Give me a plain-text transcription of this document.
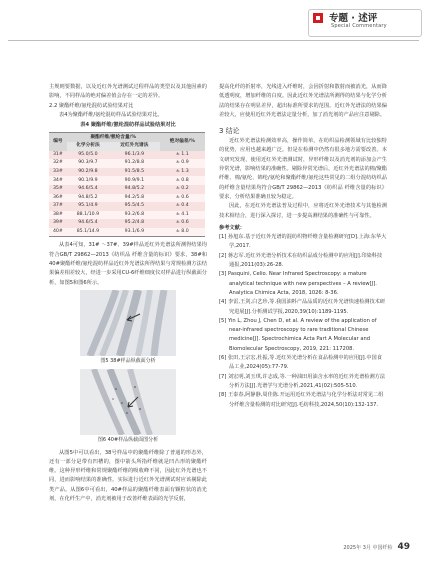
专题 · 述评
Special Commentary

主规则要数据，以及近红外光谱测试过程样品的类型以及其他因素的影响，不同样品的绝对偏差值会存在一定的差异。

2.2 聚酯纤维/氨纶混纺试验结果对比

表4为聚酯纤维/氨纶混纺样品试验结果对比。

表4 聚酯纤维/氨纶混纺样品试验结果对比
编号	聚酯纤维/氨纶含量/%		绝对偏差/%
	化学分析法	近红外光谱法	
31#	95.0/5.0	96.1/3.9	± 1.1
32#	90.3/9.7	91.2/8.8	± 0.9
33#	90.2/9.8	91.5/8.5	± 1.3
34#	90.1/9.9	90.9/9.1	± 0.8
35#	94.6/5.4	94.8/5.2	± 0.2
36#	94.8/5.2	94.2/5.8	± 0.6
37#	95.1/4.9	95.5/4.5	± 0.4
38#	88.1/10.9	93.2/6.8	± 4.1
39#	94.6/5.4	95.2/4.8	± 0.6
40#	85.1/14.9	93.1/6.9	± 8.0

从表4可知，31# ～37#、39#样品近红外光谱法所测得结果均符合GB/T 29862—2013《纺织品 纤维含量的标识》要求，38#和40#聚酯纤维/氨纶混纺样品近红外光谱法所得结果与常规检测方法结果偏差相差较大，经进一步采用CU-6纤维细度仪对样品进行纵截面分析，如图5和图6所示。

图5 38#样品纵截面分析
图6 40#样品纵截面图分析

从图5中可以看出，38号样品中的聚酯纤维除了普通的形态外，还有一部分是带有凹槽的，图中箭头所指纤维就是凹凸形的聚酯纤维。这种异形纤维和常规聚酯纤维的吸收峰不同，因此红外光谱也不同，进而影响结果的准确性。实际进行近红外光谱测试时应该剔除此类产品。从图6中可看出，40#样品的聚酯纤维表面有颗粒状的消光剂，在化纤生产中，消光剂被用于改善纤维表面的光学反射，

提高化纤的折射率，光线进入纤维时，会因折射和散射而被消光，从而降低透明度，增加纤维的白度。因此近红外光谱法所测得的结果与化学分析法的结果存在明显差异，超出标准所要求的范围。近红外光谱法的结果偏差较大，应使用近红外光谱法定量分析，加了消光剂的产品应注意剔除。

3 结论

近红外光谱法检测效率高，操作简单，在纺织品检测领域有比较独特的优势，应用也越来越广泛。但是在检测中仍然有很多地方需要改善。本文研究发现，使用近红外光谱测试时，异形纤维以及消光剂的添加会产生异常光谱，影响结果的准确性。剔除异常光谱后，近红外光谱法的棉/聚酯纤维、棉/氨纶、锦纶/氨纶和聚酯纤维/氨纶这些常见的二组分混纺纺织品的纤维含量结果均符合GB/T 29862—2013《纺织品 纤维含量的标识》要求，分析结果准确且较为稳定。

因此，在近红外光谱法普及过程中，应将近红外光谱技术与其他检测技术相结合，进行深入探讨，进一步提高测结果的准确性与可靠性。

参考文献：

[1] 孙旭东.基于近红外光谱的混纺织物纤维含量检测研究[D].上海:东华大学,2017.

[2] 蒋志军.近红外光谱分析技术在纺织品成分检测中的应用[J].印染科技通报,2011(03):26-28.

[3] Pasquini, Celio. Near Infrared Spectroscopy: a mature analytical technique with new perspectives – A review[J]. Analytica Chimica Acta, 2018, 1026: 8-36.

[4] 李雷,王剑,白艺珍,等.我国油料产品品质的近红外光谱快速检测技术研究进展[J].分析测试学报,2020,39(10):1189-1195.

[5] Yin L, Zhou J, Chen D, et al. A review of the application of near-infrared spectroscopy to rare traditional Chinese medicine[J]. Spectrochimica Acta Part A Molecular and Biomolecular Spectroscopy, 2019, 221: 117208.

[6] 张田,王宗宏,杜振,等.近红外光谱分析在食品检测中的应用[J].中国食品工业,2024(05):77-79.

[7] 刘宏明,刘玉琪,许志成,等.一种油田用油含水率的近红外光谱检测方法分析方法[J].光谱学与光谱分析,2021,41(02):505-510.

[8] 王泰春,阿静静,周佳陈.开运用近红外光谱法与化学分析法对常见二组分纤维含量检测的对比研究[J].毛纺科技,2024,50(10):132-137.

2025年 3月 中国纤检 49
